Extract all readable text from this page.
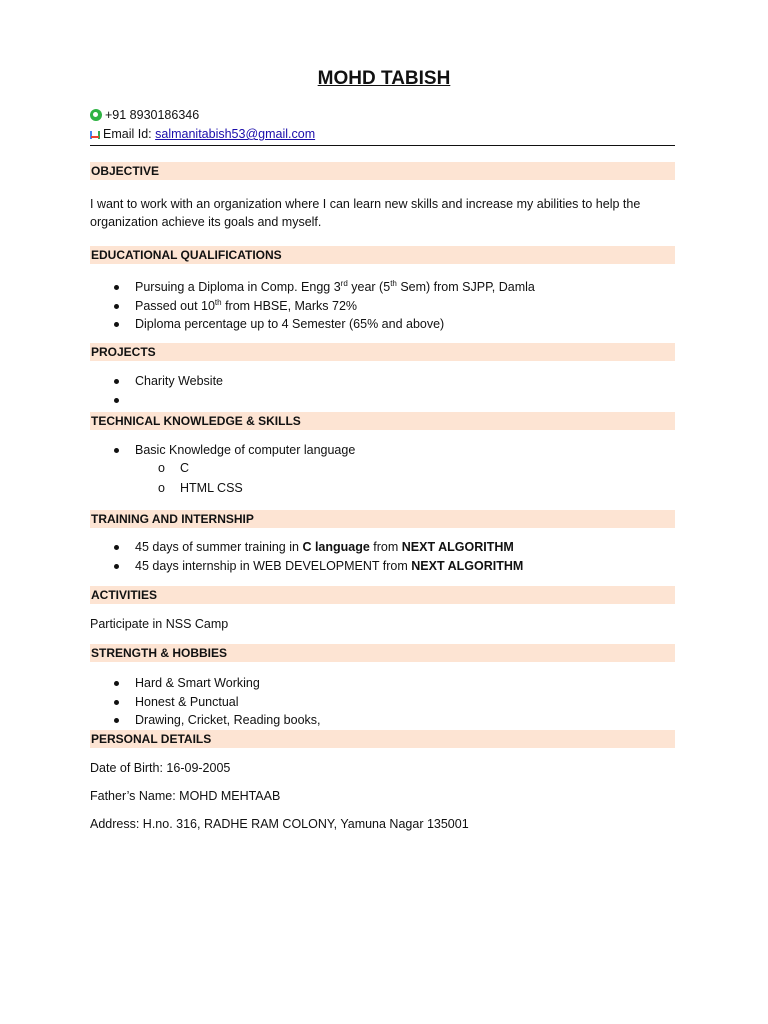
MOHD TABISH
+91 8930186346
Email Id: salmanitabish53@gmail.com
OBJECTIVE
I want to work with an organization where I can learn new skills and increase my abilities to help the
organization achieve its goals and myself.
EDUCATIONAL QUALIFICATIONS
Pursuing a Diploma in Comp. Engg 3rd year (5th Sem) from SJPP, Damla
Passed out 10th from HBSE, Marks 72%
Diploma percentage up to 4 Semester (65% and above)
PROJECTS
Charity Website
TECHNICAL KNOWLEDGE & SKILLS
Basic Knowledge of computer language
o C
o HTML CSS
TRAINING AND INTERNSHIP
45 days of summer training in C language from NEXT ALGORITHM
45 days internship in WEB DEVELOPMENT from NEXT ALGORITHM
ACTIVITIES
Participate in NSS Camp
STRENGTH & HOBBIES
Hard & Smart Working
Honest & Punctual
Drawing, Cricket, Reading books,
PERSONAL DETAILS
Date of Birth: 16-09-2005
Father’s Name: MOHD MEHTAAB
Address: H.no. 316, RADHE RAM COLONY, Yamuna Nagar 135001
